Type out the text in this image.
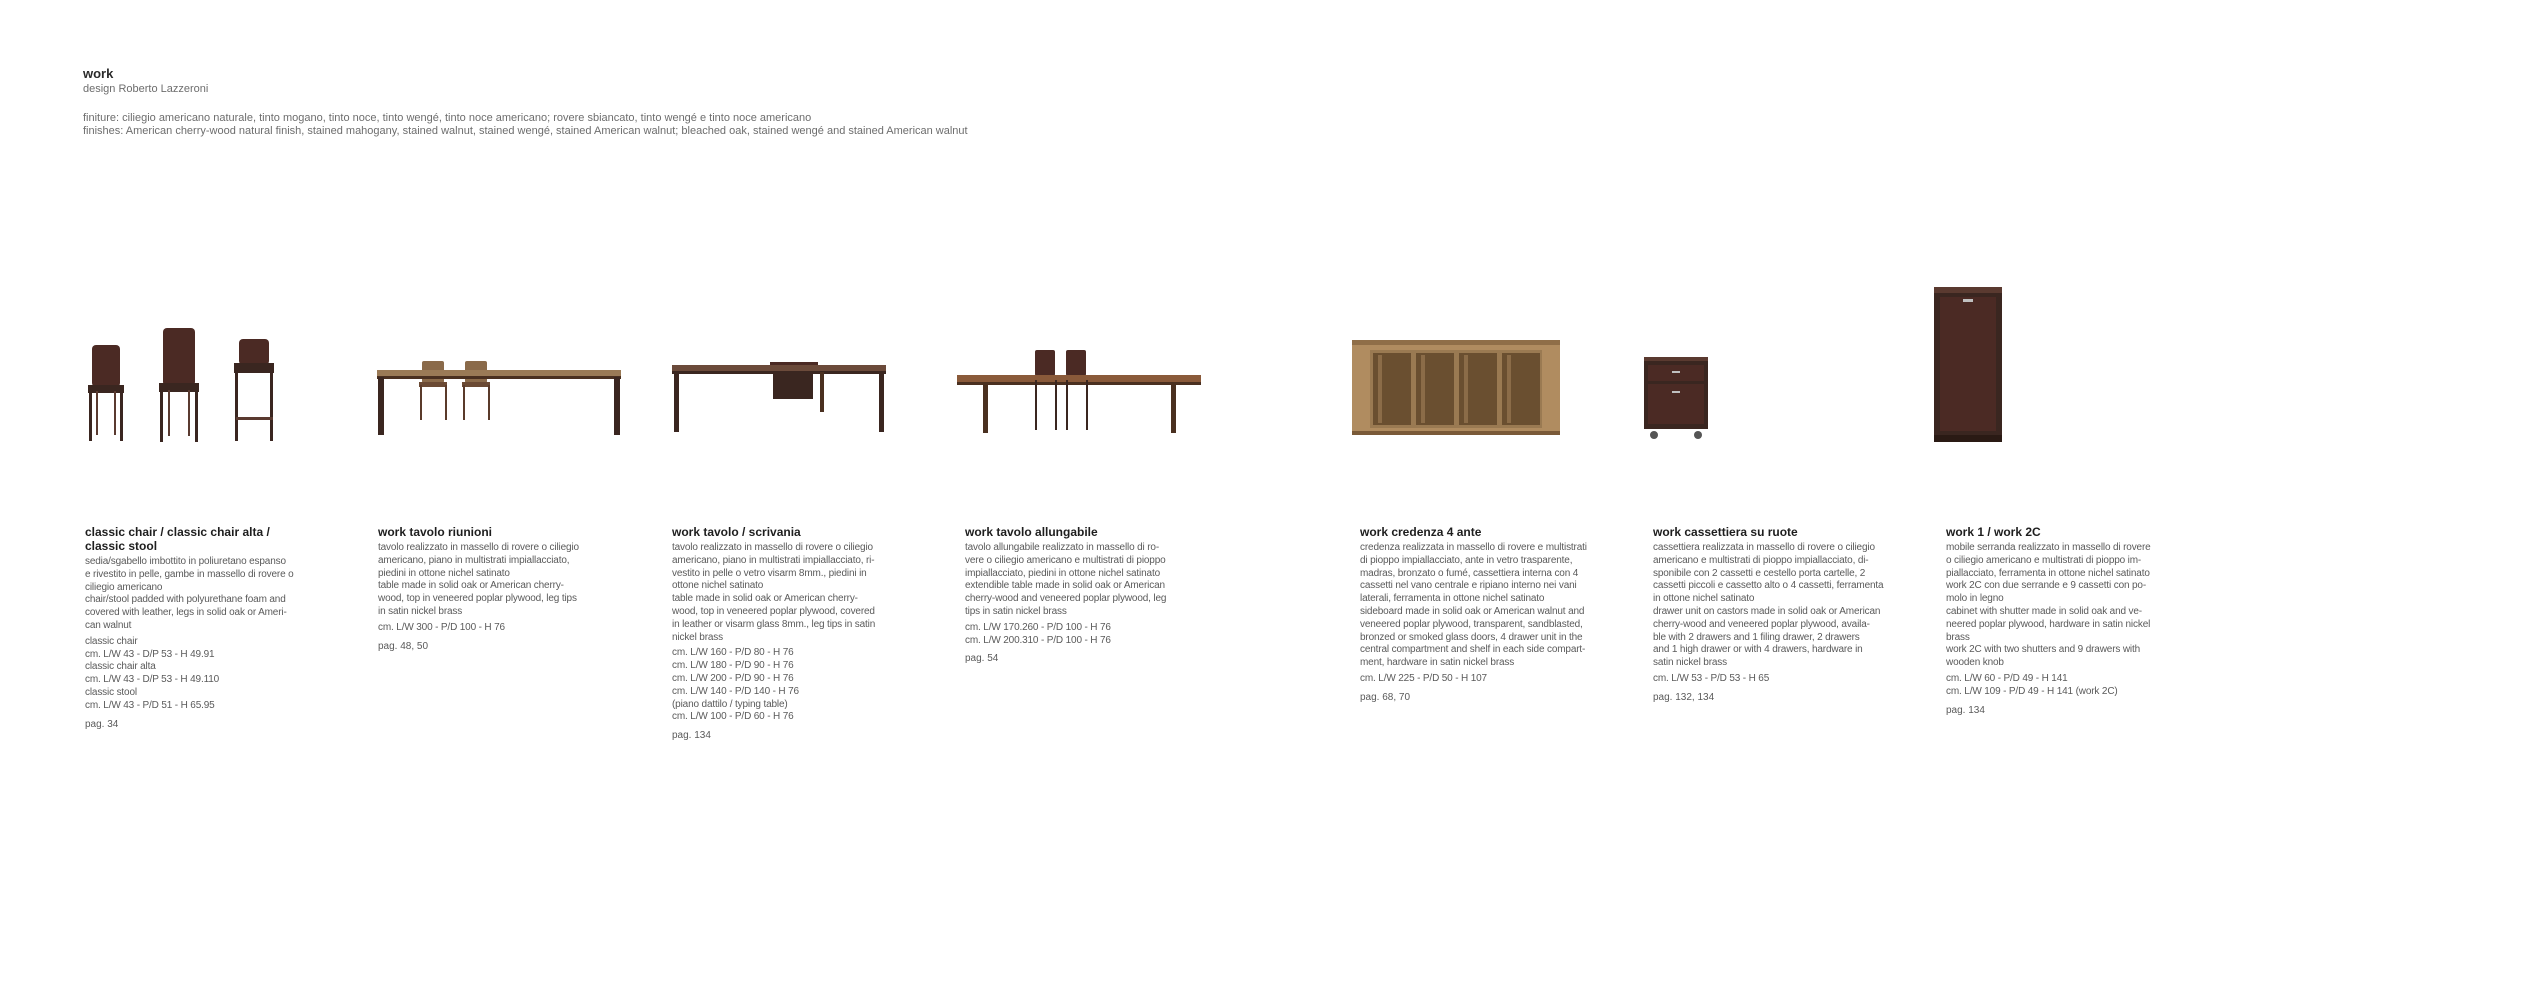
work
design Roberto Lazzeroni
finiture: ciliegio americano naturale, tinto mogano, tinto noce, tinto wengé, tinto noce americano; rovere sbiancato, tinto wengé e tinto noce americano
finishes: American cherry-wood natural finish, stained mahogany, stained walnut, stained wengé, stained American walnut; bleached oak, stained wengé and stained American walnut
classic chair / classic chair alta /
classic stool
sedia/sgabello imbottito in poliuretano espanso
e rivestito in pelle, gambe in massello di rovere o
ciliegio americano
chair/stool padded with polyurethane foam and
covered with leather, legs in solid oak or Ameri-
can walnut
classic chair
cm. L/W 43 - D/P 53 - H 49.91
classic chair alta
cm. L/W 43 - D/P 53 - H 49.110
classic stool
cm. L/W 43 - P/D 51 - H 65.95
pag. 34
work tavolo riunioni
tavolo realizzato in massello di rovere o ciliegio
americano, piano in multistrati impiallacciato,
piedini in ottone nichel satinato
table made in solid oak or American cherry-
wood, top in veneered poplar plywood, leg tips
in satin nickel brass
cm. L/W 300 - P/D 100 - H 76
pag. 48, 50
work tavolo / scrivania
tavolo realizzato in massello di rovere o ciliegio
americano, piano in multistrati impiallacciato, ri-
vestito in pelle o vetro visarm 8mm., piedini in
ottone nichel satinato
table made in solid oak or American cherry-
wood, top in veneered poplar plywood, covered
in leather or visarm glass 8mm., leg tips in satin
nickel brass
cm. L/W 160 - P/D 80 - H 76
cm. L/W 180 - P/D 90 - H 76
cm. L/W 200 - P/D 90 - H 76
cm. L/W 140 - P/D 140 - H 76
(piano dattilo / typing table)
cm. L/W 100 - P/D 60 - H 76
pag. 134
work tavolo allungabile
tavolo allungabile realizzato in massello di ro-
vere o ciliegio americano e multistrati di pioppo
impiallacciato, piedini in ottone nichel satinato
extendible table made in solid oak or American
cherry-wood and veneered poplar plywood, leg
tips in satin nickel brass
cm. L/W 170.260 - P/D 100 - H 76
cm. L/W 200.310 - P/D 100 - H 76
pag. 54
work credenza 4 ante
credenza realizzata in massello di rovere e multistrati
di pioppo impiallacciato, ante in vetro trasparente,
madras, bronzato o fumé, cassettiera interna con 4
cassetti nel vano centrale e ripiano interno nei vani
laterali, ferramenta in ottone nichel satinato
sideboard made in solid oak or American walnut and
veneered poplar plywood, transparent, sandblasted,
bronzed or smoked glass doors, 4 drawer unit in the
central compartment and shelf in each side compart-
ment, hardware in satin nickel brass
cm. L/W 225 - P/D 50 - H 107
pag. 68, 70
work cassettiera su ruote
cassettiera realizzata in massello di rovere o ciliegio
americano e multistrati di pioppo impiallacciato, di-
sponibile con 2 cassetti e cestello porta cartelle, 2
cassetti piccoli e cassetto alto o 4 cassetti, ferramenta
in ottone nichel satinato
drawer unit on castors made in solid oak or American
cherry-wood and veneered poplar plywood, availa-
ble with 2 drawers and 1 filing drawer, 2 drawers
and 1 high drawer or with 4 drawers, hardware in
satin nickel brass
cm. L/W 53 - P/D 53 - H 65
pag. 132, 134
work 1 / work 2C
mobile serranda realizzato in massello di rovere
o ciliegio americano e multistrati di pioppo im-
piallacciato, ferramenta in ottone nichel satinato
work 2C con due serrande e 9 cassetti con po-
molo in legno
cabinet with shutter made in solid oak and ve-
neered poplar plywood, hardware in satin nickel
brass
work 2C with two shutters and 9 drawers with
wooden knob
cm. L/W 60 - P/D 49 - H 141
cm. L/W 109 - P/D 49 - H 141 (work 2C)
pag. 134
